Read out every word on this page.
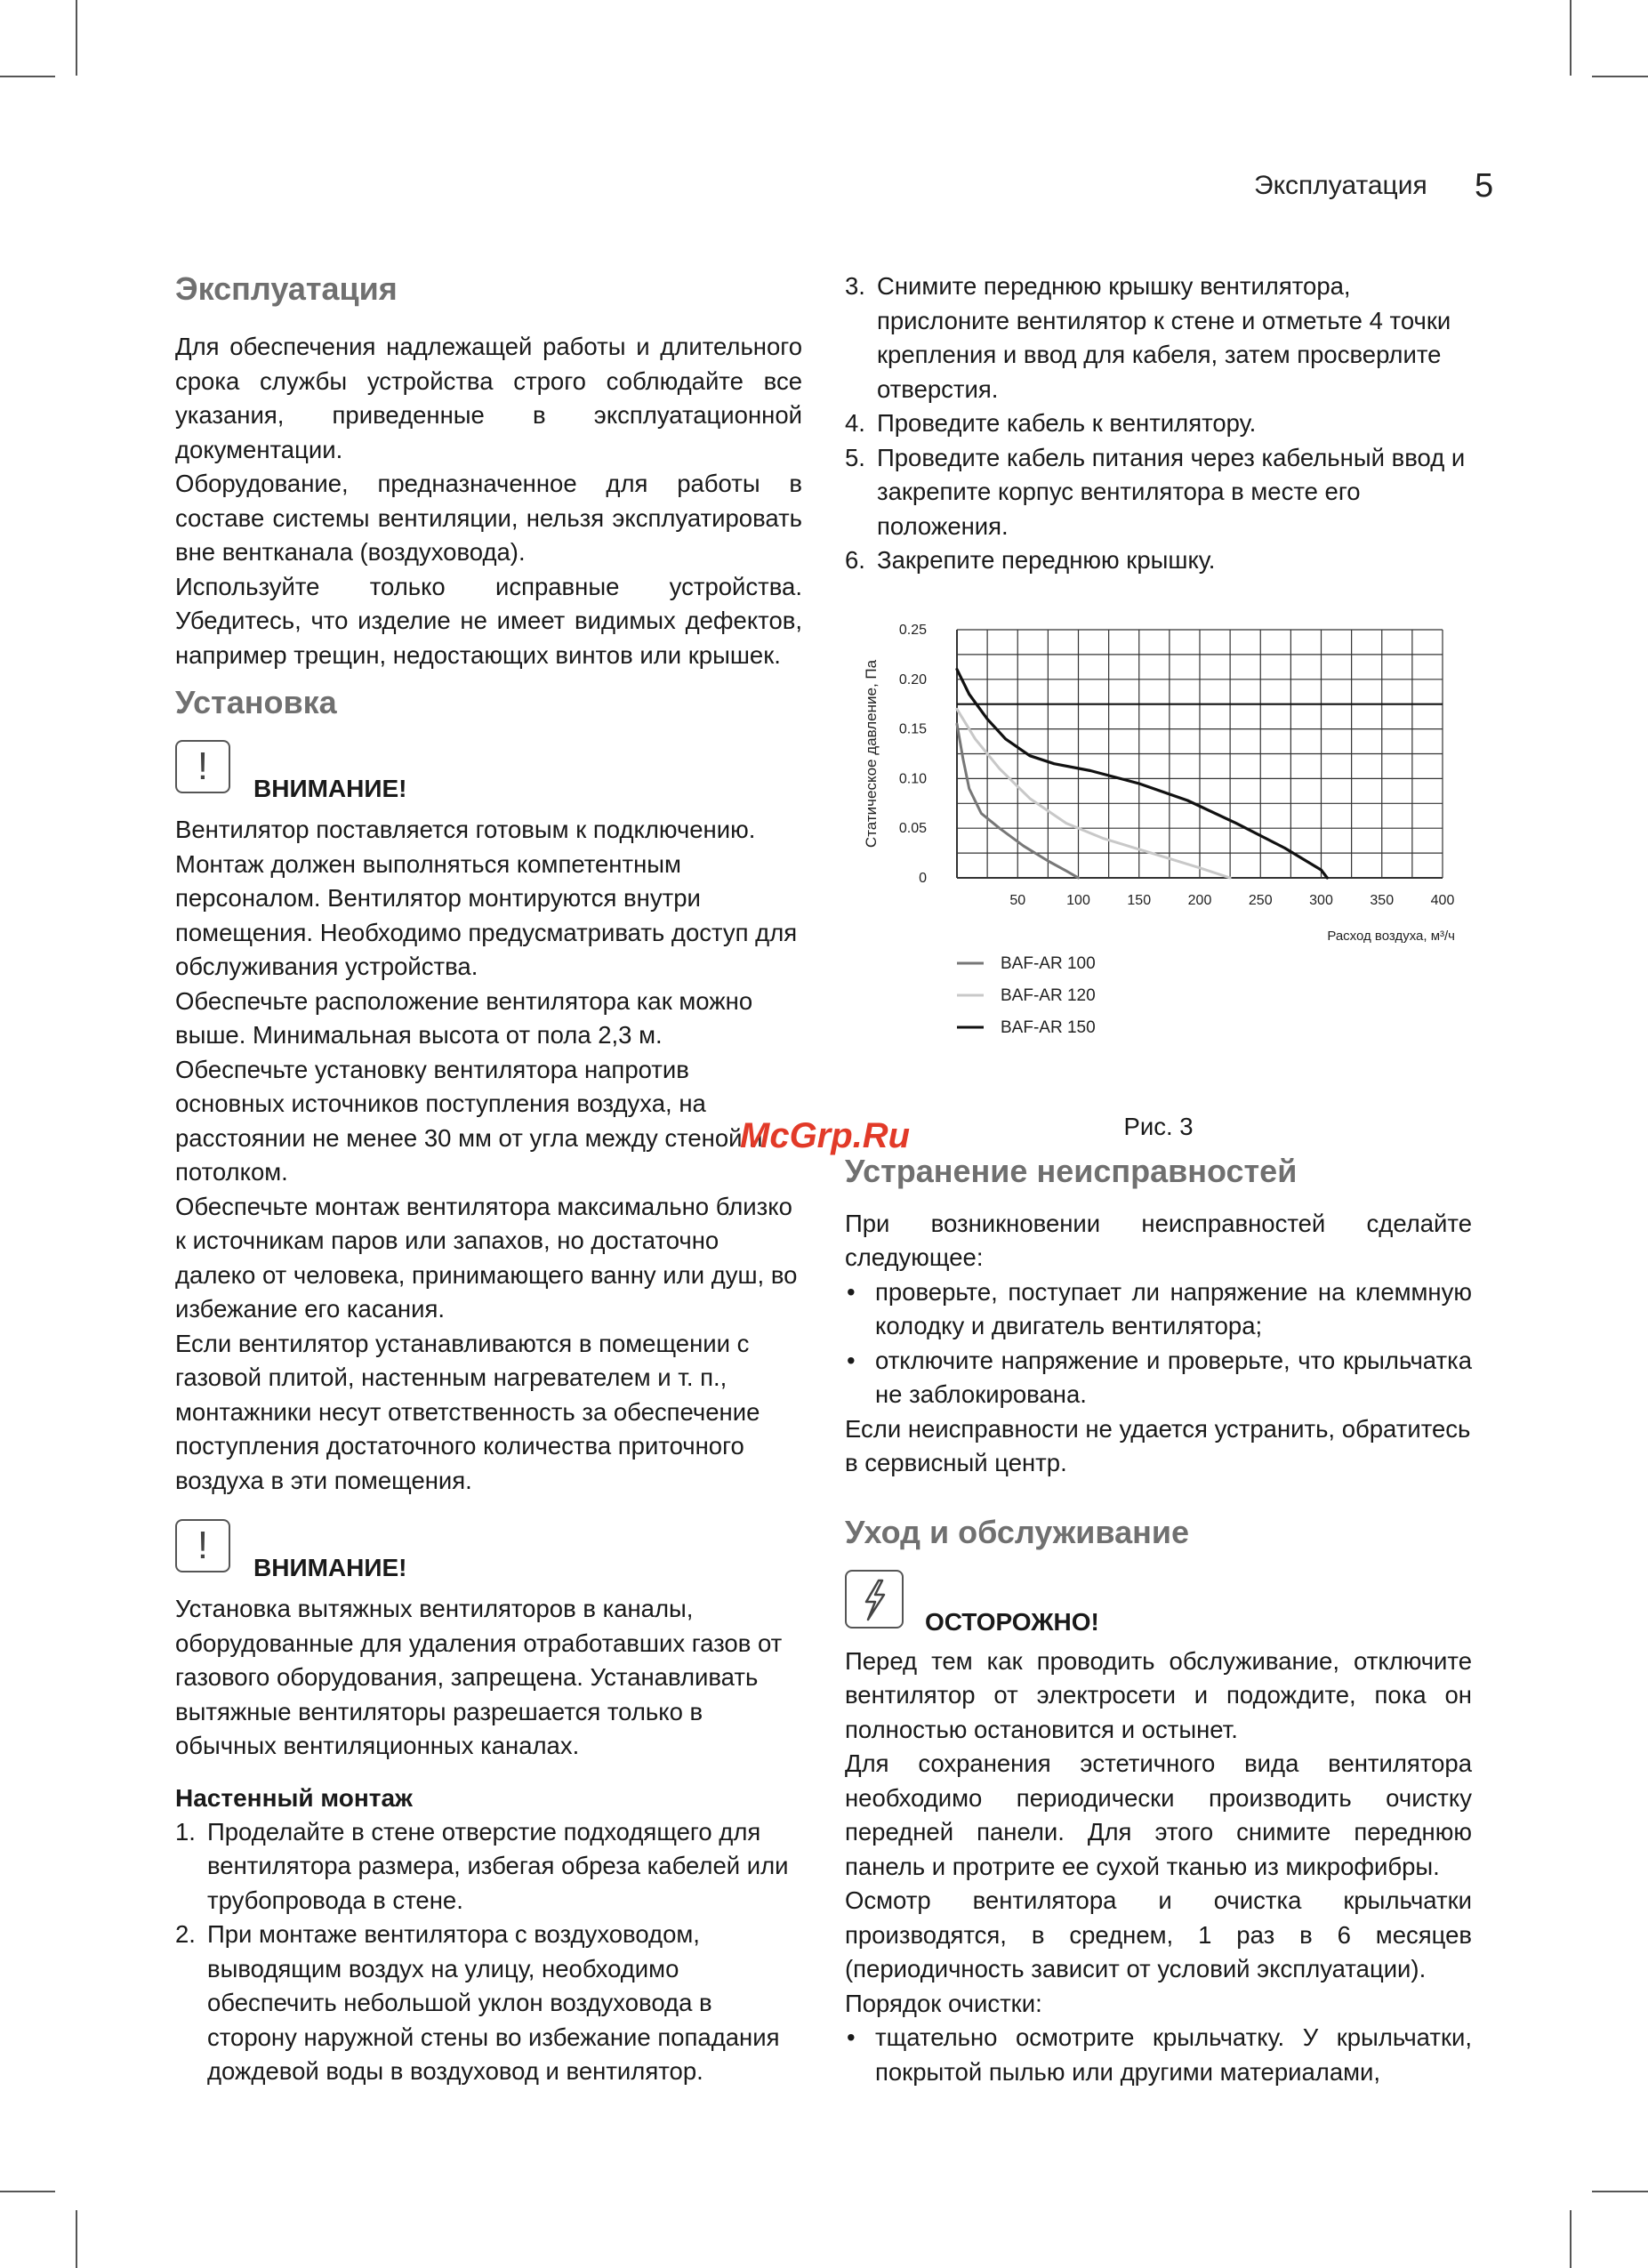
Эксплуатация 5
Эксплуатация

Для обеспечения надлежащей работы и длительного срока службы устройства строго соблюдайте все указания, приведенные в эксплуатационной документации.

Оборудование, предназначенное для работы в составе системы вентиляции, нельзя эксплуатировать вне вентканала (воздуховода).

Используйте только исправные устройства. Убедитесь, что изделие не имеет видимых дефектов, например трещин, недостающих винтов или крышек.

Установка
!
ВНИМАНИЕ!

Вентилятор поставляется готовым к подключению. Монтаж должен выполняться компетентным персоналом. Вентилятор монтируются внутри помещения. Необходимо предусматривать доступ для обслуживания устройства.

Обеспечьте расположение вентилятора как можно выше. Минимальная высота от пола 2,3 м.

Обеспечьте установку вентилятора напротив основных источников поступления воздуха, на расстоянии не менее 30 мм от угла между стеной и потолком.

Обеспечьте монтаж вентилятора максимально близко к источникам паров или запахов, но достаточно далеко от человека, принимающего ванну или душ, во избежание его касания.

Если вентилятор устанавливаются в помещении с газовой плитой, настенным нагревателем и т. п., монтажники несут ответственность за обеспечение поступления достаточного количества приточного воздуха в эти помещения.

!
ВНИМАНИЕ!

Установка вытяжных вентиляторов в каналы, оборудованные для удаления отработавших газов от газового оборудования, запрещена. Устанавливать вытяжные вентиляторы разрешается только в обычных вентиляционных каналах.

Настенный монтаж
1. Проделайте в стене отверстие подходящего для вентилятора размера, избегая обреза кабелей или трубопровода в стене.
2. При монтаже вентилятора с воздуховодом, выводящим воздух на улицу, необходимо обеспечить небольшой уклон воздуховода в сторону наружной стены во избежание попадания дождевой воды в воздуховод и вентилятор.
3. Снимите переднюю крышку вентилятора, прислоните вентилятор к стене и отметьте 4 точки крепления и ввод для кабеля, затем просверлите отверстия.
4. Проведите кабель к вентилятору.
5. Проведите кабель питания через кабельный ввод и закрепите корпус вентилятора в месте его положения.
6. Закрепите переднюю крышку.
0
0.05
0.10
0.15
0.20
0.25
50	100	150	200	250	300	350	400
Расход воздуха, м³/ч
Статическое давление, Па
BAF-AR 100
BAF-AR 120
BAF-AR 150
Рис. 3
Устранение неисправностей

При возникновении неисправностей сделайте следующее:

• проверьте, поступает ли напряжение на клеммную колодку и двигатель вентилятора;
• отключите напряжение и проверьте, что крыльчатка не заблокирована.

Если неисправности не удается устранить, обратитесь в сервисный центр.

Уход и обслуживание
ОСТОРОЖНО!

Перед тем как проводить обслуживание, отключите вентилятор от электросети и подождите, пока он полностью остановится и остынет.

Для сохранения эстетичного вида вентилятора необходимо периодически производить очистку передней панели. Для этого снимите переднюю панель и протрите ее сухой тканью из микрофибры.

Осмотр вентилятора и очистка крыльчатки производятся, в среднем, 1 раз в 6 месяцев (периодичность зависит от условий эксплуатации).

Порядок очистки:

• тщательно осмотрите крыльчатку. У крыльчатки, покрытой пылью или другими материалами,
McGrp.Ru
